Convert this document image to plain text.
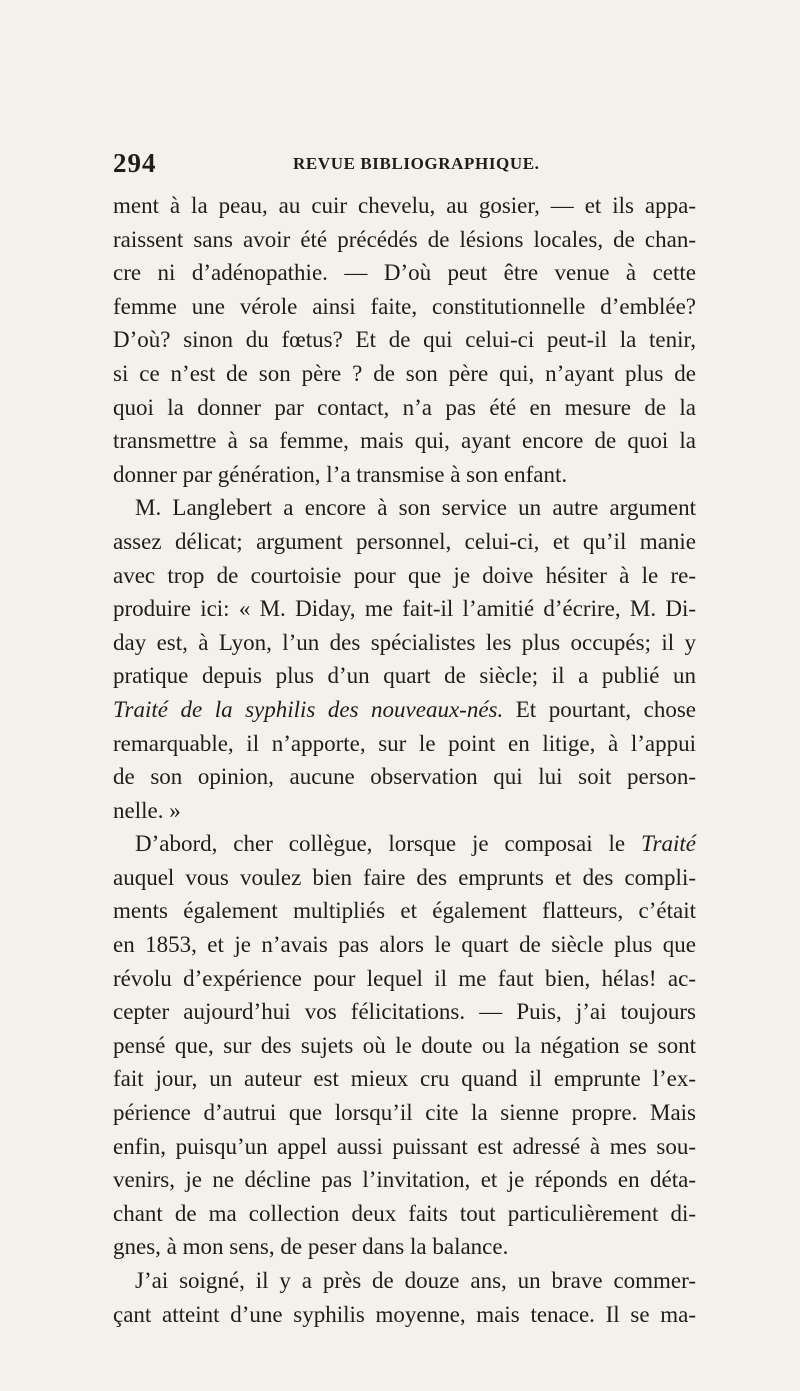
294	REVUE BIBLIOGRAPHIQUE.
ment à la peau, au cuir chevelu, au gosier, — et ils appa-
raissent sans avoir été précédés de lésions locales, de chan-
cre ni d’adénopathie. — D’où peut être venue à cette
femme une vérole ainsi faite, constitutionnelle d’emblée?
D’où? sinon du fœtus? Et de qui celui-ci peut-il la tenir,
si ce n’est de son père ? de son père qui, n’ayant plus de
quoi la donner par contact, n’a pas été en mesure de la
transmettre à sa femme, mais qui, ayant encore de quoi la
donner par génération, l’a transmise à son enfant.
M. Langlebert a encore à son service un autre argument
assez délicat; argument personnel, celui-ci, et qu’il manie
avec trop de courtoisie pour que je doive hésiter à le re-
produire ici: « M. Diday, me fait-il l’amitié d’écrire, M. Di-
day est, à Lyon, l’un des spécialistes les plus occupés; il y
pratique depuis plus d’un quart de siècle; il a publié un
Traité de la syphilis des nouveaux-nés. Et pourtant, chose
remarquable, il n’apporte, sur le point en litige, à l’appui
de son opinion, aucune observation qui lui soit person-
nelle. »
D’abord, cher collègue, lorsque je composai le Traité
auquel vous voulez bien faire des emprunts et des compli-
ments également multipliés et également flatteurs, c’était
en 1853, et je n’avais pas alors le quart de siècle plus que
révolu d’expérience pour lequel il me faut bien, hélas! ac-
cepter aujourd’hui vos félicitations. — Puis, j’ai toujours
pensé que, sur des sujets où le doute ou la négation se sont
fait jour, un auteur est mieux cru quand il emprunte l’ex-
périence d’autrui que lorsqu’il cite la sienne propre. Mais
enfin, puisqu’un appel aussi puissant est adressé à mes sou-
venirs, je ne décline pas l’invitation, et je réponds en déta-
chant de ma collection deux faits tout particulièrement di-
gnes, à mon sens, de peser dans la balance.
J’ai soigné, il y a près de douze ans, un brave commer-
çant atteint d’une syphilis moyenne, mais tenace. Il se ma-
